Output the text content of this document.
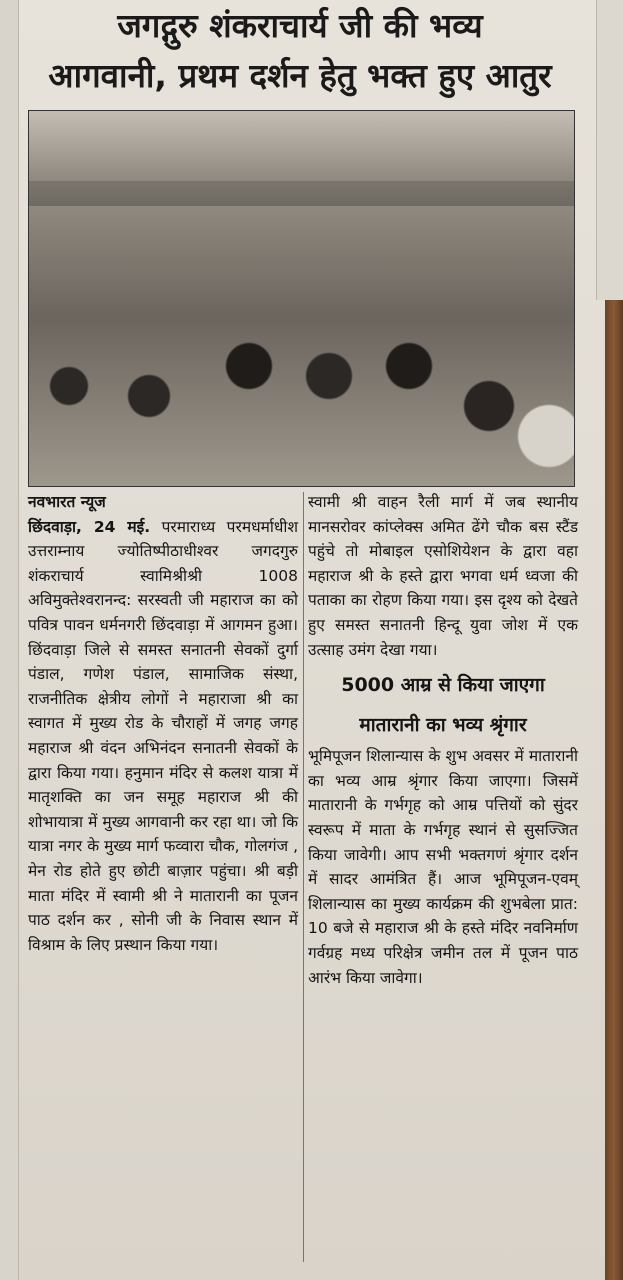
जगद्गुरु शंकराचार्य जी की भव्य
आगवानी, प्रथम दर्शन हेतु भक्त हुए आतुर

नवभारत न्यूज

छिंदवाड़ा, 24 मई. परमाराध्य परमधर्माधीश उत्तराम्नाय ज्योतिष्पीठाधीश्वर जगदगुरु शंकराचार्य स्वामिश्रीश्री 1008 अविमुक्तेश्वरानन्द: सरस्वती जी महाराज का को पवित्र पावन धर्मनगरी छिंदवाड़ा में आगमन हुआ। छिंदवाड़ा जिले से समस्त सनातनी सेवकों दुर्गा पंडाल, गणेश पंडाल, सामाजिक संस्था, राजनीतिक क्षेत्रीय लोगों ने महाराजा श्री का स्वागत में मुख्य रोड के चौराहों में जगह जगह महाराज श्री वंदन अभिनंदन सनातनी सेवकों के द्वारा किया गया। हनुमान मंदिर से कलश यात्रा में मातृशक्ति का जन समूह महाराज श्री की शोभायात्रा में मुख्य आगवानी कर रहा था। जो कि यात्रा नगर के मुख्य मार्ग फव्वारा चौक, गोलगंज , मेन रोड होते हुए छोटी बाज़ार पहुंचा। श्री बड़ी माता मंदिर में स्वामी श्री ने मातारानी का पूजन पाठ दर्शन कर , सोनी जी के निवास स्थान में विश्राम के लिए प्रस्थान किया गया।

स्वामी श्री वाहन रैली मार्ग में जब स्थानीय मानसरोवर कांप्लेक्स अमित ढेंगे चौक बस स्टैंड पहुंचे तो मोबाइल एसोशियेशन के द्वारा वहा महाराज श्री के हस्ते द्वारा भगवा धर्म ध्वजा की पताका का रोहण किया गया। इस दृश्य को देखते हुए समस्त सनातनी हिन्दू युवा जोश में एक उत्साह उमंग देखा गया।

5000 आम्र से किया जाएगा
मातारानी का भव्य श्रृंगार

भूमिपूजन शिलान्यास के शुभ अवसर में मातारानी का भव्य आम्र श्रृंगार किया जाएगा। जिसमें मातारानी के गर्भगृह को आम्र पत्तियों को सुंदर स्वरूप में माता के गर्भगृह स्थानं से सुसज्जित किया जावेगी। आप सभी भक्तगणं श्रृंगार दर्शन में सादर आमंत्रित हैं। आज भूमिपूजन-एवम् शिलान्यास का मुख्य कार्यक्रम की शुभबेला प्रात: 10 बजे से महाराज श्री के हस्ते मंदिर नवनिर्माण गर्वग्रह मध्य परिक्षेत्र जमीन तल में पूजन पाठ आरंभ किया जावेगा।
